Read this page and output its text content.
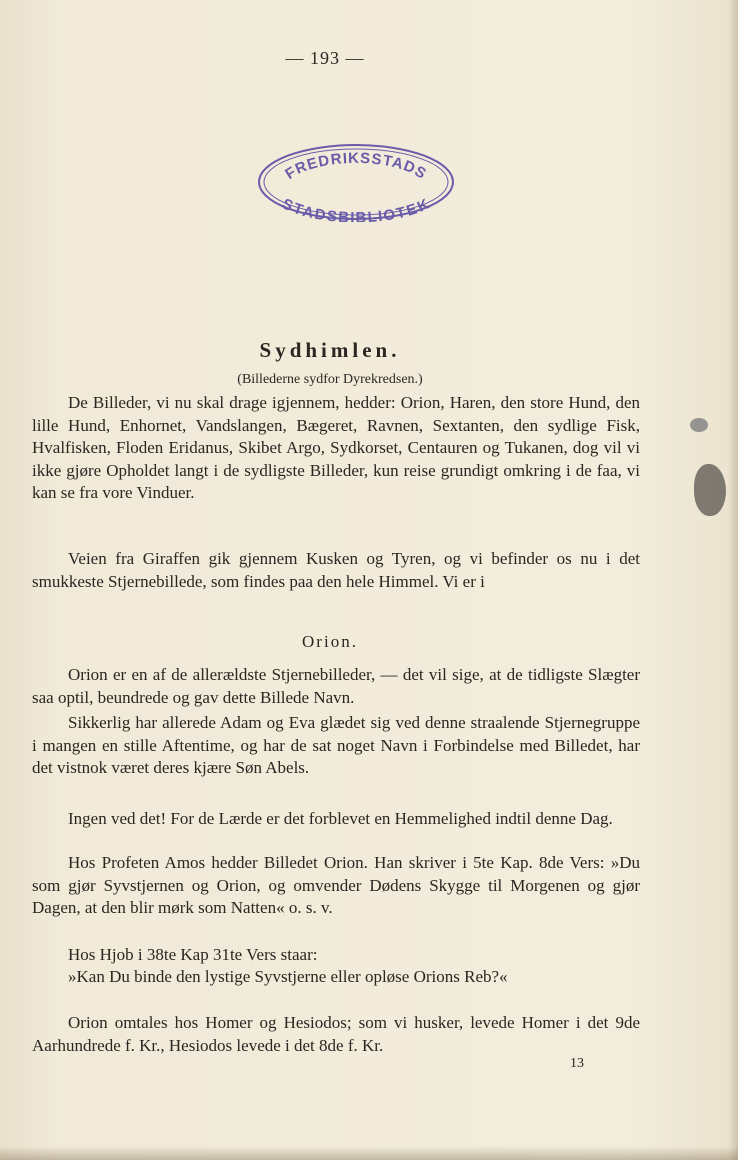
— 193 —
FREDRIKSSTADS
STADSBIBLIOTEK
Sydhimlen.
(Billederne sydfor Dyrekredsen.)

De Billeder, vi nu skal drage igjennem, hedder: Orion, Haren, den store Hund, den lille Hund, Enhornet, Vandslangen, Bægeret, Ravnen, Sextanten, den sydlige Fisk, Hvalfisken, Floden Eridanus, Skibet Argo, Sydkorset, Centauren og Tukanen, dog vil vi ikke gjøre Opholdet langt i de sydligste Billeder, kun reise grundigt omkring i de faa, vi kan se fra vore Vinduer.

Veien fra Giraffen gik gjennem Kusken og Tyren, og vi befinder os nu i det smukkeste Stjernebillede, som findes paa den hele Himmel. Vi er i

Orion.

Orion er en af de allerældste Stjernebilleder, — det vil sige, at de tidligste Slægter saa optil, beundrede og gav dette Billede Navn.

Sikkerlig har allerede Adam og Eva glædet sig ved denne straalende Stjernegruppe i mangen en stille Aftentime, og har de sat noget Navn i Forbindelse med Billedet, har det vistnok været deres kjære Søn Abels.

Ingen ved det! For de Lærde er det forblevet en Hemmelighed indtil denne Dag.

Hos Profeten Amos hedder Billedet Orion. Han skriver i 5te Kap. 8de Vers: »Du som gjør Syvstjernen og Orion, og omvender Dødens Skygge til Morgenen og gjør Dagen, at den blir mørk som Natten« o. s. v.

Hos Hjob i 38te Kap 31te Vers staar:

»Kan Du binde den lystige Syvstjerne eller opløse Orions Reb?«

Orion omtales hos Homer og Hesiodos; som vi husker, levede Homer i det 9de Aarhundrede f. Kr., Hesiodos levede i det 8de f. Kr.

13
